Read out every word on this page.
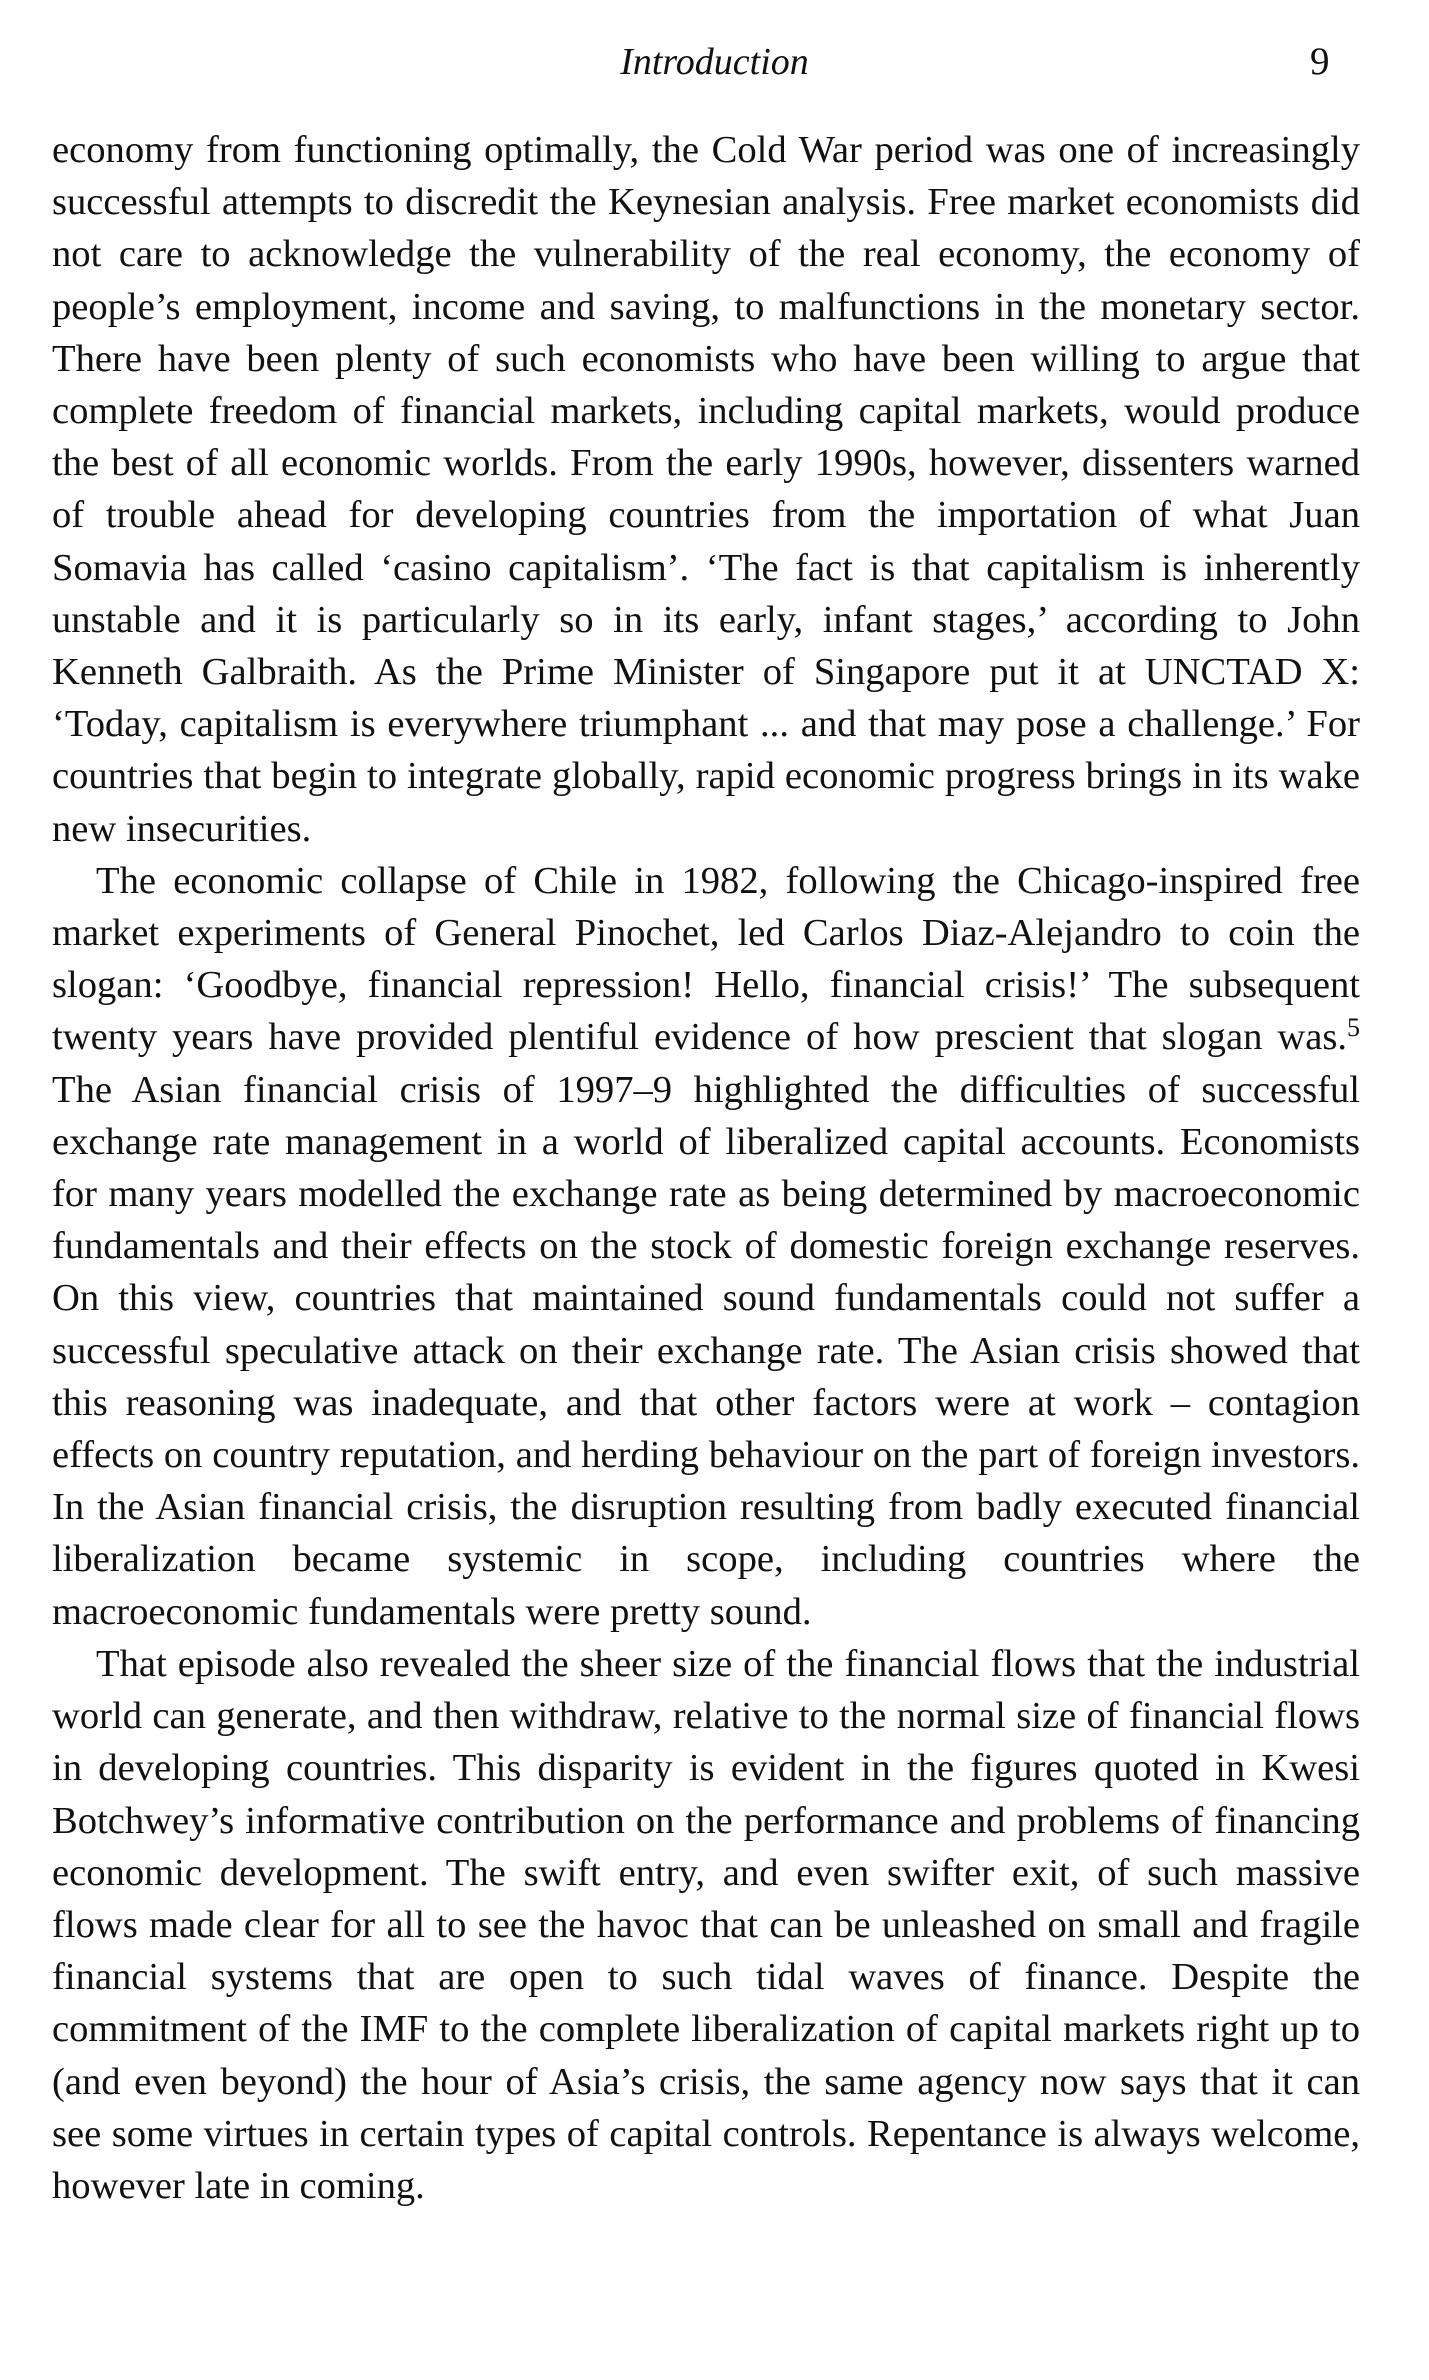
Introduction	9

economy from functioning optimally, the Cold War period was one of increasingly successful attempts to discredit the Keynesian analysis. Free market economists did not care to acknowledge the vulnerability of the real economy, the economy of people’s employment, income and saving, to malfunctions in the monetary sector. There have been plenty of such economists who have been willing to argue that complete freedom of financial markets, including capital markets, would produce the best of all economic worlds. From the early 1990s, however, dissenters warned of trouble ahead for developing countries from the importation of what Juan Somavia has called ‘casino capitalism’. ‘The fact is that capitalism is inherently unstable and it is particularly so in its early, infant stages,’ according to John Kenneth Galbraith. As the Prime Minister of Singapore put it at UNCTAD X: ‘Today, capitalism is everywhere triumphant ... and that may pose a challenge.’ For countries that begin to integrate globally, rapid economic progress brings in its wake new insecurities.

The economic collapse of Chile in 1982, following the Chicago-inspired free market experiments of General Pinochet, led Carlos Diaz-Alejandro to coin the slogan: ‘Goodbye, financial repression! Hello, financial crisis!’ The subsequent twenty years have provided plentiful evidence of how prescient that slogan was.$^5$ The Asian financial crisis of 1997–9 highlighted the difficulties of successful exchange rate management in a world of liberalized capital accounts. Economists for many years modelled the exchange rate as being determined by macroeconomic fundamentals and their effects on the stock of domestic foreign exchange reserves. On this view, countries that maintained sound fundamentals could not suffer a successful speculative attack on their exchange rate. The Asian crisis showed that this reasoning was inadequate, and that other factors were at work – contagion effects on country reputation, and herding behaviour on the part of foreign investors. In the Asian financial crisis, the disruption resulting from badly executed financial liberalization became systemic in scope, including countries where the macroeconomic fundamentals were pretty sound.

That episode also revealed the sheer size of the financial flows that the industrial world can generate, and then withdraw, relative to the normal size of financial flows in developing countries. This disparity is evident in the figures quoted in Kwesi Botchwey’s informative contribution on the performance and problems of financing economic development. The swift entry, and even swifter exit, of such massive flows made clear for all to see the havoc that can be unleashed on small and fragile financial systems that are open to such tidal waves of finance. Despite the commitment of the IMF to the complete liberalization of capital markets right up to (and even beyond) the hour of Asia’s crisis, the same agency now says that it can see some virtues in certain types of capital controls. Repentance is always welcome, however late in coming.
